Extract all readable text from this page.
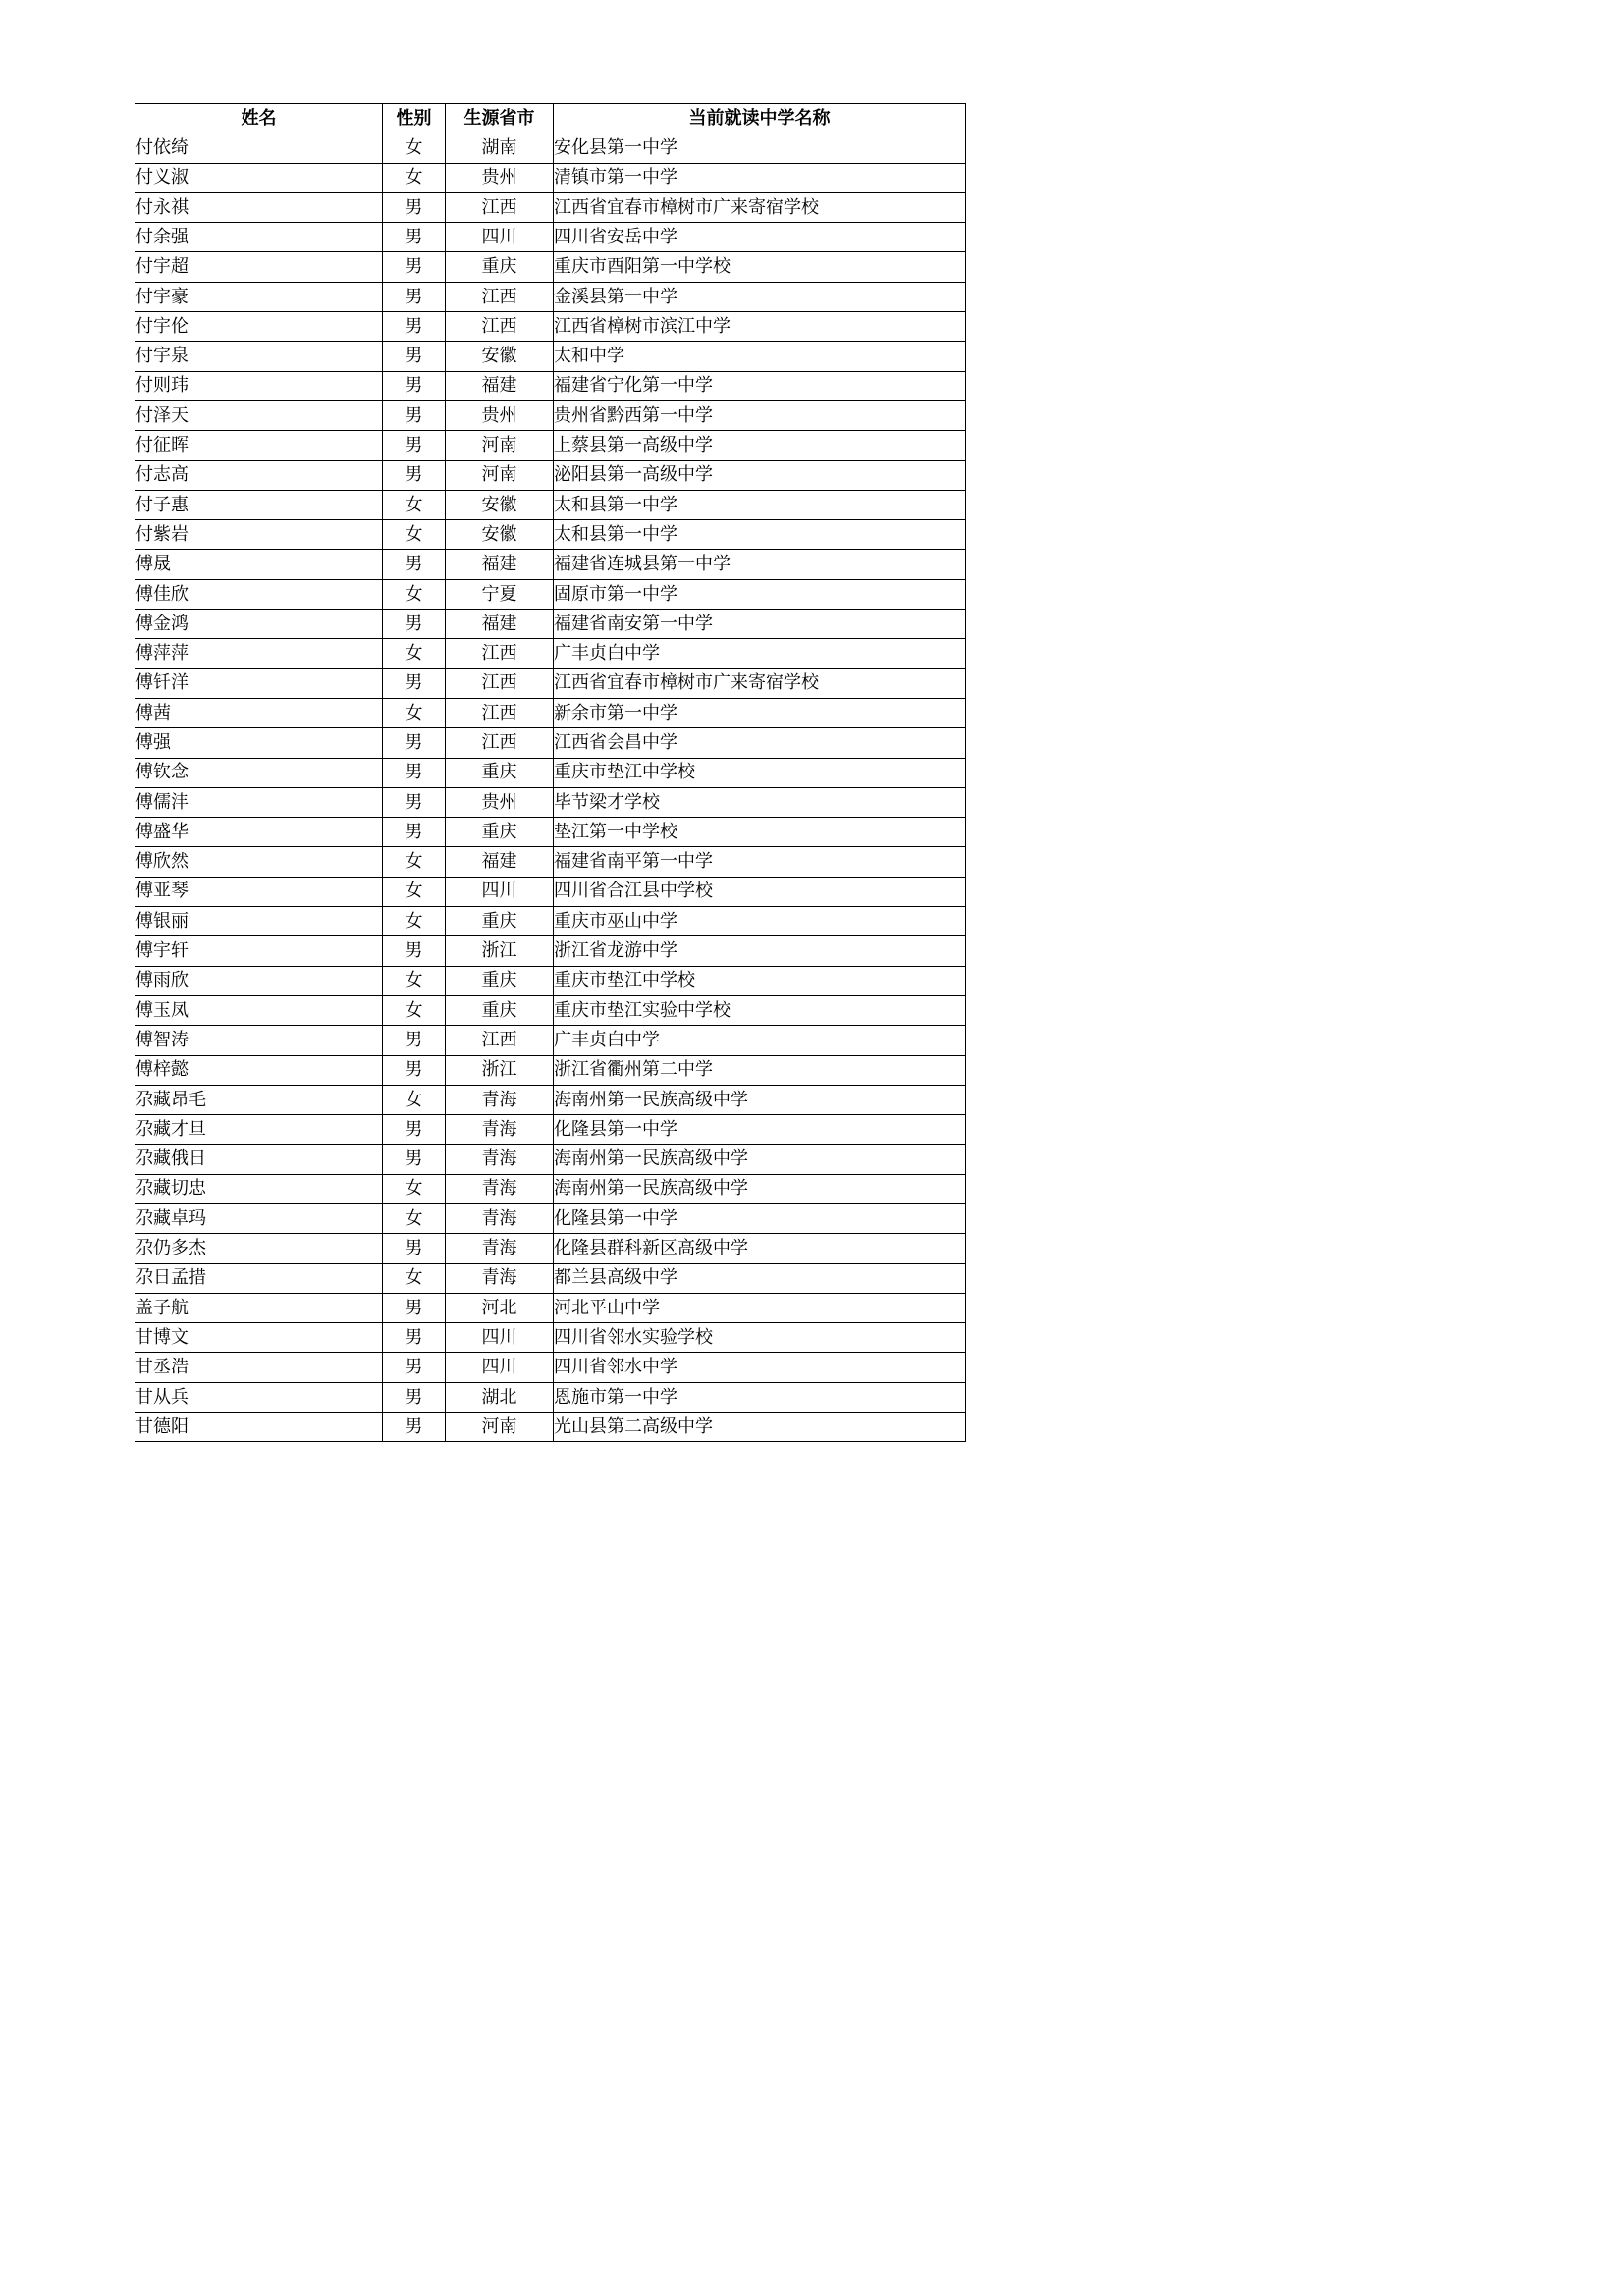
姓名	性别	生源省市	当前就读中学名称
付依绮	女	湖南	安化县第一中学
付义淑	女	贵州	清镇市第一中学
付永祺	男	江西	江西省宜春市樟树市广来寄宿学校
付余强	男	四川	四川省安岳中学
付宇超	男	重庆	重庆市酉阳第一中学校
付宇豪	男	江西	金溪县第一中学
付宇伦	男	江西	江西省樟树市滨江中学
付宇泉	男	安徽	太和中学
付则玮	男	福建	福建省宁化第一中学
付泽天	男	贵州	贵州省黔西第一中学
付征晖	男	河南	上蔡县第一高级中学
付志高	男	河南	泌阳县第一高级中学
付子惠	女	安徽	太和县第一中学
付紫岩	女	安徽	太和县第一中学
傅晟	男	福建	福建省连城县第一中学
傅佳欣	女	宁夏	固原市第一中学
傅金鸿	男	福建	福建省南安第一中学
傅萍萍	女	江西	广丰贞白中学
傅钎洋	男	江西	江西省宜春市樟树市广来寄宿学校
傅茜	女	江西	新余市第一中学
傅强	男	江西	江西省会昌中学
傅钦念	男	重庆	重庆市垫江中学校
傅儒沣	男	贵州	毕节梁才学校
傅盛华	男	重庆	垫江第一中学校
傅欣然	女	福建	福建省南平第一中学
傅亚琴	女	四川	四川省合江县中学校
傅银丽	女	重庆	重庆市巫山中学
傅宇轩	男	浙江	浙江省龙游中学
傅雨欣	女	重庆	重庆市垫江中学校
傅玉凤	女	重庆	重庆市垫江实验中学校
傅智涛	男	江西	广丰贞白中学
傅梓懿	男	浙江	浙江省衢州第二中学
尕藏昂毛	女	青海	海南州第一民族高级中学
尕藏才旦	男	青海	化隆县第一中学
尕藏俄日	男	青海	海南州第一民族高级中学
尕藏切忠	女	青海	海南州第一民族高级中学
尕藏卓玛	女	青海	化隆县第一中学
尕仍多杰	男	青海	化隆县群科新区高级中学
尕日孟措	女	青海	都兰县高级中学
盖子航	男	河北	河北平山中学
甘博文	男	四川	四川省邻水实验学校
甘丞浩	男	四川	四川省邻水中学
甘从兵	男	湖北	恩施市第一中学
甘德阳	男	河南	光山县第二高级中学
